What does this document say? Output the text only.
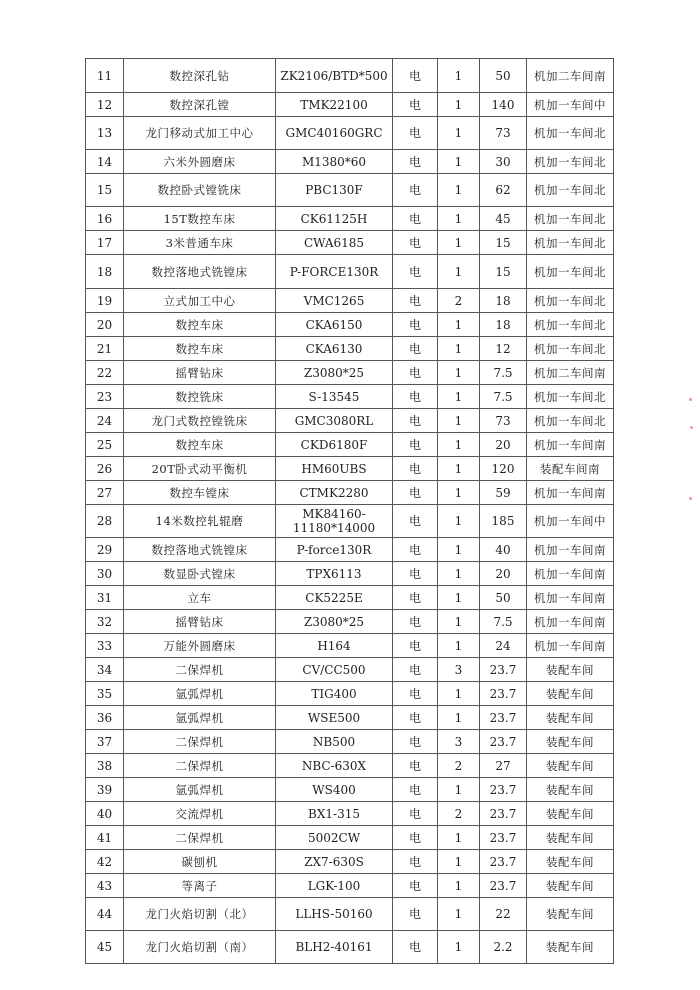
11	数控深孔钻	ZK2106/BTD*500	电	1	50	机加二车间南
12	数控深孔镗	TMK22100	电	1	140	机加一车间中
13	龙门移动式加工中心	GMC40160GRC	电	1	73	机加一车间北
14	六米外圆磨床	M1380*60	电	1	30	机加一车间北
15	数控卧式镗铣床	PBC130F	电	1	62	机加一车间北
16	15T数控车床	CK61125H	电	1	45	机加一车间北
17	3米普通车床	CWA6185	电	1	15	机加一车间北
18	数控落地式铣镗床	P-FORCE130R	电	1	15	机加一车间北
19	立式加工中心	VMC1265	电	2	18	机加一车间北
20	数控车床	CKA6150	电	1	18	机加一车间北
21	数控车床	CKA6130	电	1	12	机加一车间北
22	摇臂钻床	Z3080*25	电	1	7.5	机加二车间南
23	数控铣床	S-13545	电	1	7.5	机加一车间北
24	龙门式数控镗铣床	GMC3080RL	电	1	73	机加一车间北
25	数控车床	CKD6180F	电	1	20	机加一车间南
26	20T卧式动平衡机	HM60UBS	电	1	120	装配车间南
27	数控车镗床	CTMK2280	电	1	59	机加一车间南
28	14米数控轧辊磨	MK84160-11180*14000	电	1	185	机加一车间中
29	数控落地式铣镗床	P-force130R	电	1	40	机加一车间南
30	数显卧式镗床	TPX6113	电	1	20	机加一车间南
31	立车	CK5225E	电	1	50	机加一车间南
32	摇臂钻床	Z3080*25	电	1	7.5	机加一车间南
33	万能外圆磨床	H164	电	1	24	机加一车间南
34	二保焊机	CV/CC500	电	3	23.7	装配车间
35	氩弧焊机	TIG400	电	1	23.7	装配车间
36	氩弧焊机	WSE500	电	1	23.7	装配车间
37	二保焊机	NB500	电	3	23.7	装配车间
38	二保焊机	NBC-630X	电	2	27	装配车间
39	氩弧焊机	WS400	电	1	23.7	装配车间
40	交流焊机	BX1-315	电	2	23.7	装配车间
41	二保焊机	5002CW	电	1	23.7	装配车间
42	碳刨机	ZX7-630S	电	1	23.7	装配车间
43	等离子	LGK-100	电	1	23.7	装配车间
44	龙门火焰切割（北）	LLHS-50160	电	1	22	装配车间
45	龙门火焰切割（南）	BLH2-40161	电	1	2.2	装配车间
